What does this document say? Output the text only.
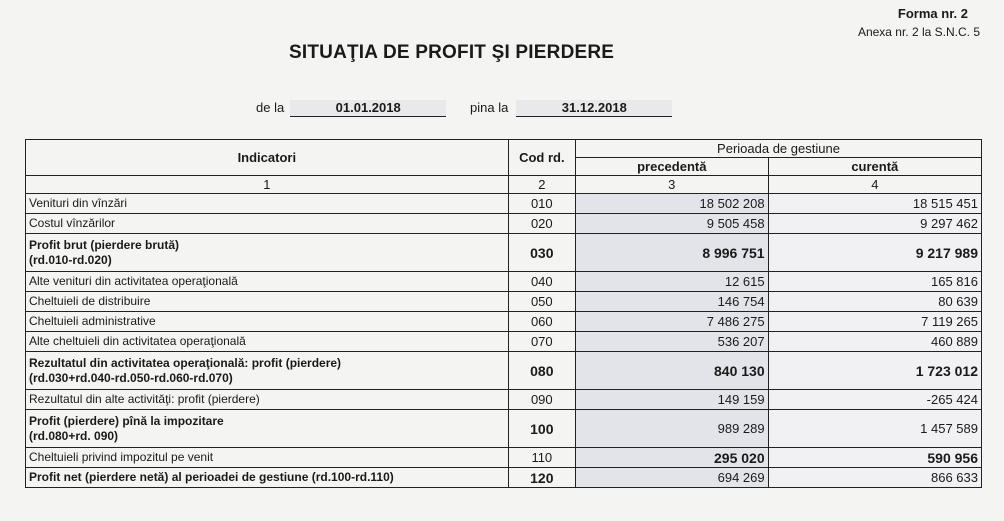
Forma nr. 2
Anexa nr. 2 la S.N.C. 5
SITUAŢIA DE PROFIT ŞI PIERDERE
de la	01.01.2018	pina la	31.12.2018
Indicatori	Cod rd.	Perioada de gestiune	
		precedentă	curentă
1	2	3	4
Venituri din vînzări	010	18 502 208	18 515 451
Costul vînzărilor	020	9 505 458	9 297 462
Profit brut (pierdere brută)
(rd.010-rd.020)	030	8 996 751	9 217 989
Alte venituri din activitatea operaţională	040	12 615	165 816
Cheltuieli de distribuire	050	146 754	80 639
Cheltuieli administrative	060	7 486 275	7 119 265
Alte cheltuieli din activitatea operaţională	070	536 207	460 889
Rezultatul din activitatea operaţională: profit (pierdere)
(rd.030+rd.040-rd.050-rd.060-rd.070)	080	840 130	1 723 012
Rezultatul din alte activităţi: profit (pierdere)	090	149 159	-265 424
Profit (pierdere) pînă la impozitare
(rd.080+rd. 090)	100	989 289	1 457 589
Cheltuieli privind impozitul pe venit	110	295 020	590 956
Profit net (pierdere netă) al perioadei de gestiune (rd.100-rd.110)	120	694 269	866 633
